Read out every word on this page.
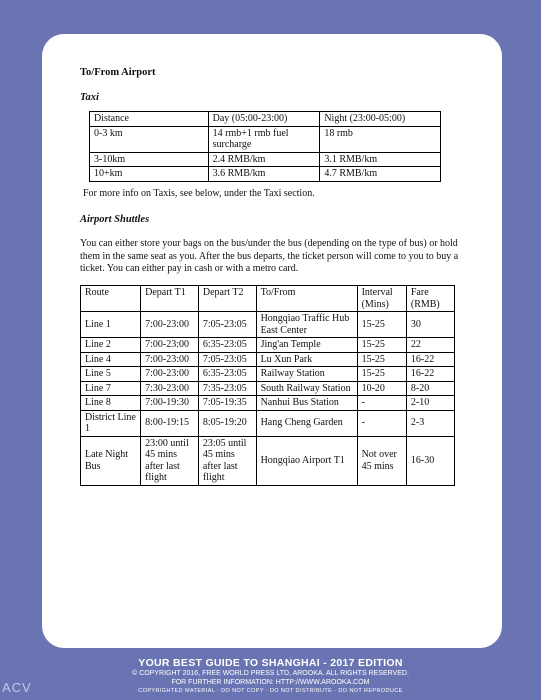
To/From Airport
Taxi
Distance	Day (05:00-23:00)	Night (23:00-05:00)
0-3 km	14 rmb+1 rmb fuel surcharge	18 rmb
3-10km	2.4 RMB/km	3.1 RMB/km
10+km	3.6 RMB/km	4.7 RMB/km
For more info on Taxis, see below, under the Taxi section.
Airport Shuttles
You can either store your bags on the bus/under the bus (depending on the type of bus) or hold them in the same seat as you. After the bus departs, the ticket person will come to you to buy a ticket. You can either pay in cash or with a metro card.
Route	Depart T1	Depart T2	To/From	Interval (Mins)	Fare (RMB)
Line 1	7:00-23:00	7:05-23:05	Hongqiao Traffic Hub East Center	15-25	30
Line 2	7:00-23:00	6:35-23:05	Jing'an Temple	15-25	22
Line 4	7:00-23:00	7:05-23:05	Lu Xun Park	15-25	16-22
Line 5	7:00-23:00	6:35-23:05	Railway Station	15-25	16-22
Line 7	7:30-23:00	7:35-23:05	South Railway Station	10-20	8-20
Line 8	7:00-19:30	7:05-19:35	Nanhui Bus Station	-	2-10
District Line 1	8:00-19:15	8:05-19:20	Hang Cheng Garden	-	2-3
Late Night Bus	23:00 until 45 mins after last flight	23:05 until 45 mins after last flight	Hongqiao Airport T1	Not over 45 mins	16-30
YOUR BEST GUIDE TO SHANGHAI - 2017 EDITION
© COPYRIGHT 2016, FREE WORLD PRESS LTD, AROOKA. ALL RIGHTS RESERVED.
FOR FURTHER INFORMATION: HTTP://WWW.AROOKA.COM
COPYRIGHTED MATERIAL · DO NOT COPY · DO NOT DISTRIBUTE · DO NOT REPRODUCE
ACV
